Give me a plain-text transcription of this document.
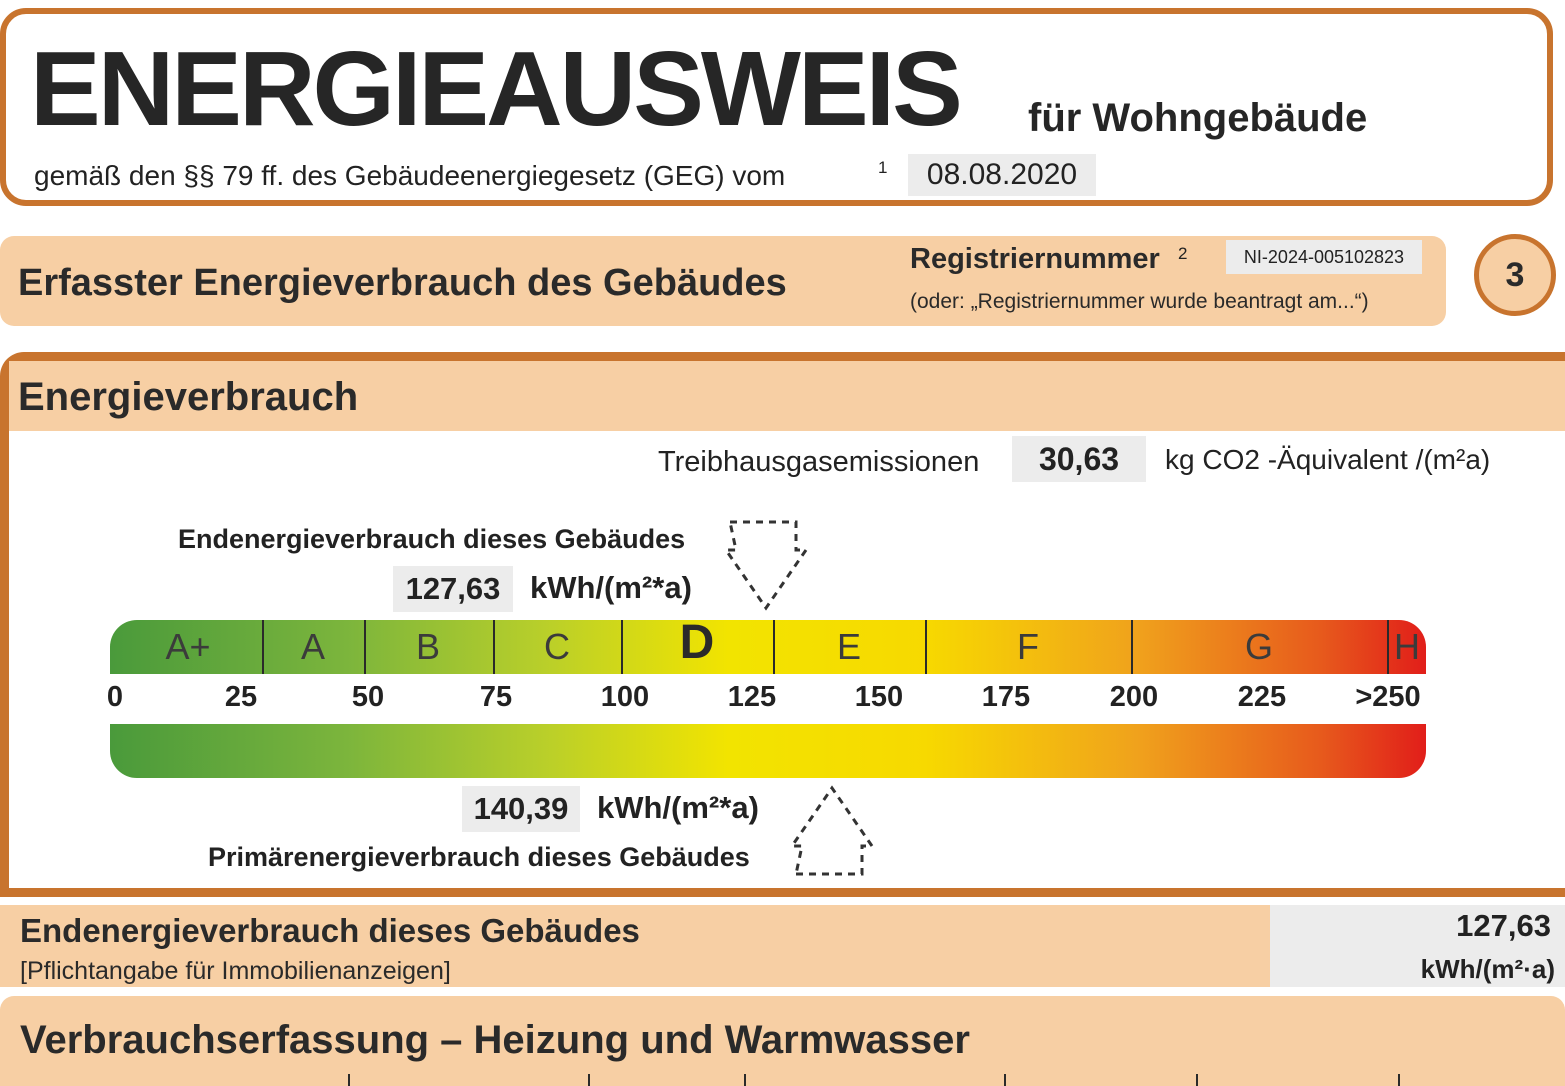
ENERGIEAUSWEIS für Wohngebäude
gemäß den §§ 79 ff. des Gebäudeenergiegesetz (GEG) vom	1	08.08.2020
Erfasster Energieverbrauch des Gebäudes
Registriernummer 2	NI-2024-005102823
(oder: „Registriernummer wurde beantragt am...“)
3
Energieverbrauch
Treibhausgasemissionen	30,63	kg CO2 -Äquivalent /(m²a)
Endenergieverbrauch dieses Gebäudes
127,63 kWh/(m²*a)
A+	A	B	C D	E	F	G	H
140,39 kWh/(m²*a)
Primärenergieverbrauch dieses Gebäudes
Endenergieverbrauch dieses Gebäudes
[Pflichtangabe für Immobilienanzeigen]
127,63
kWh/(m²·a)
Verbrauchserfassung – Heizung und Warmwasser
0	25	50	75	100	125	150	175	200	225 >250
